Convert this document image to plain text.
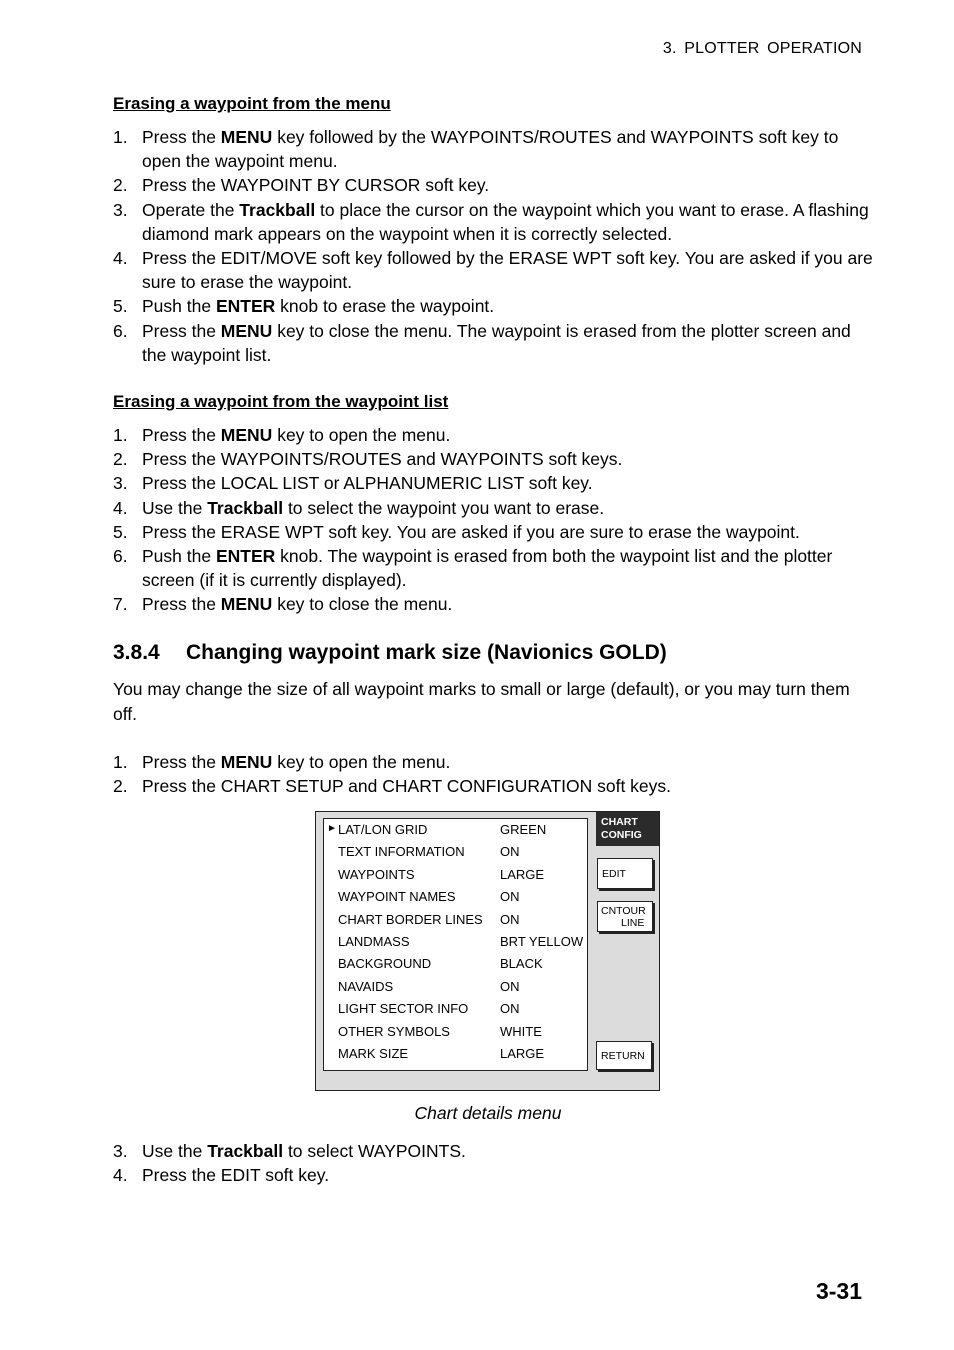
3. PLOTTER OPERATION
Erasing a waypoint from the menu
1. Press the MENU key followed by the WAYPOINTS/ROUTES and WAYPOINTS soft key to open the waypoint menu.
2. Press the WAYPOINT BY CURSOR soft key.
3. Operate the Trackball to place the cursor on the waypoint which you want to erase. A flashing diamond mark appears on the waypoint when it is correctly selected.
4. Press the EDIT/MOVE soft key followed by the ERASE WPT soft key. You are asked if you are sure to erase the waypoint.
5. Push the ENTER knob to erase the waypoint.
6. Press the MENU key to close the menu. The waypoint is erased from the plotter screen and the waypoint list.
Erasing a waypoint from the waypoint list
1. Press the MENU key to open the menu.
2. Press the WAYPOINTS/ROUTES and WAYPOINTS soft keys.
3. Press the LOCAL LIST or ALPHANUMERIC LIST soft key.
4. Use the Trackball to select the waypoint you want to erase.
5. Press the ERASE WPT soft key. You are asked if you are sure to erase the waypoint.
6. Push the ENTER knob. The waypoint is erased from both the waypoint list and the plotter screen (if it is currently displayed).
7. Press the MENU key to close the menu.
3.8.4 Changing waypoint mark size (Navionics GOLD)
You may change the size of all waypoint marks to small or large (default), or you may turn them off.
1. Press the MENU key to open the menu.
2. Press the CHART SETUP and CHART CONFIGURATION soft keys.
► LAT/LON GRID	GREEN
TEXT INFORMATION	ON
WAYPOINTS	LARGE
WAYPOINT NAMES	ON
CHART BORDER LINES ON
LANDMASS	BRT YELLOW
BACKGROUND	BLACK
NAVAIDS	ON
LIGHT SECTOR INFO ON
OTHER SYMBOLS	WHITE
MARK SIZE	LARGE
CHART
CONFIG
EDIT
CNTOUR
LINE
RETURN
Chart details menu
3. Use the Trackball to select WAYPOINTS.
4. Press the EDIT soft key.
3-31
